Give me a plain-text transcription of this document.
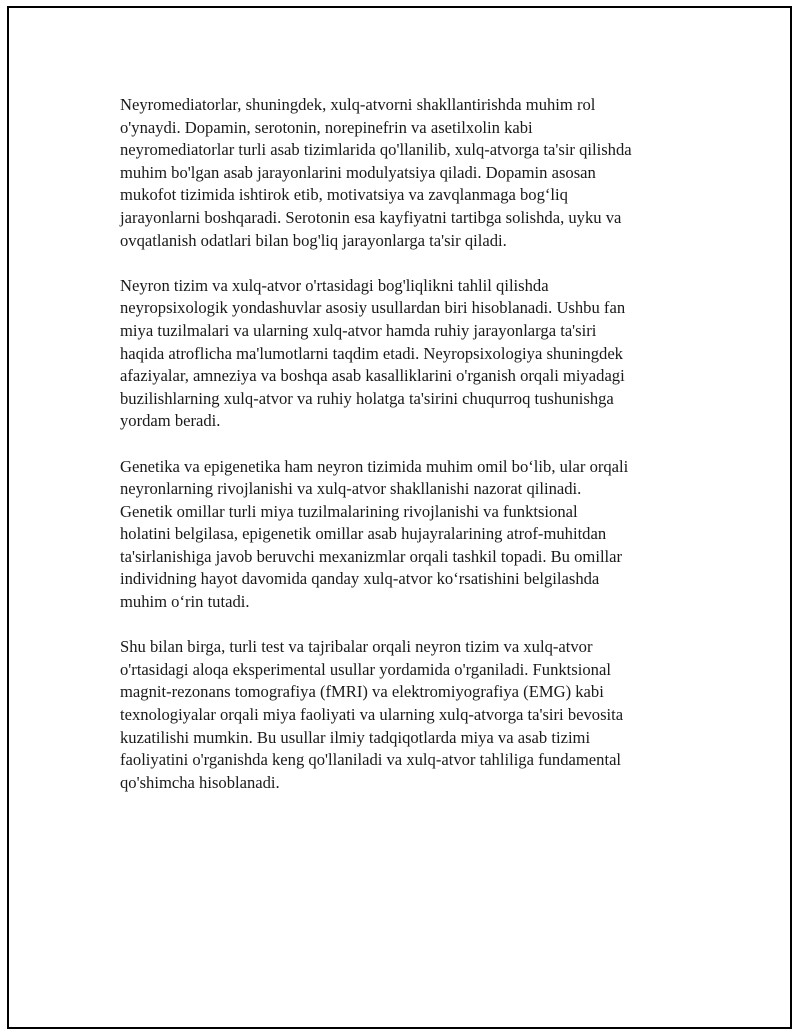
Neyromediatorlar, shuningdek, xulq-atvorni shakllantirishda muhim rol
o'ynaydi. Dopamin, serotonin, norepinefrin va asetilxolin kabi
neyromediatorlar turli asab tizimlarida qo'llanilib, xulq-atvorga ta'sir qilishda
muhim bo'lgan asab jarayonlarini modulyatsiya qiladi. Dopamin asosan
mukofot tizimida ishtirok etib, motivatsiya va zavqlanmaga bog‘liq
jarayonlarni boshqaradi. Serotonin esa kayfiyatni tartibga solishda, uyku va
ovqatlanish odatlari bilan bog'liq jarayonlarga ta'sir qiladi.

Neyron tizim va xulq-atvor o'rtasidagi bog'liqlikni tahlil qilishda
neyropsixologik yondashuvlar asosiy usullardan biri hisoblanadi. Ushbu fan
miya tuzilmalari va ularning xulq-atvor hamda ruhiy jarayonlarga ta'siri
haqida atroflicha ma'lumotlarni taqdim etadi. Neyropsixologiya shuningdek
afaziyalar, amneziya va boshqa asab kasalliklarini o'rganish orqali miyadagi
buzilishlarning xulq-atvor va ruhiy holatga ta'sirini chuqurroq tushunishga
yordam beradi.

Genetika va epigenetika ham neyron tizimida muhim omil bo‘lib, ular orqali
neyronlarning rivojlanishi va xulq-atvor shakllanishi nazorat qilinadi.
Genetik omillar turli miya tuzilmalarining rivojlanishi va funktsional
holatini belgilasa, epigenetik omillar asab hujayralarining atrof-muhitdan
ta'sirlanishiga javob beruvchi mexanizmlar orqali tashkil topadi. Bu omillar
individning hayot davomida qanday xulq-atvor ko‘rsatishini belgilashda
muhim o‘rin tutadi.

Shu bilan birga, turli test va tajribalar orqali neyron tizim va xulq-atvor
o'rtasidagi aloqa eksperimental usullar yordamida o'rganiladi. Funktsional
magnit-rezonans tomografiya (fMRI) va elektromiyografiya (EMG) kabi
texnologiyalar orqali miya faoliyati va ularning xulq-atvorga ta'siri bevosita
kuzatilishi mumkin. Bu usullar ilmiy tadqiqotlarda miya va asab tizimi
faoliyatini o'rganishda keng qo'llaniladi va xulq-atvor tahliliga fundamental
qo'shimcha hisoblanadi.
